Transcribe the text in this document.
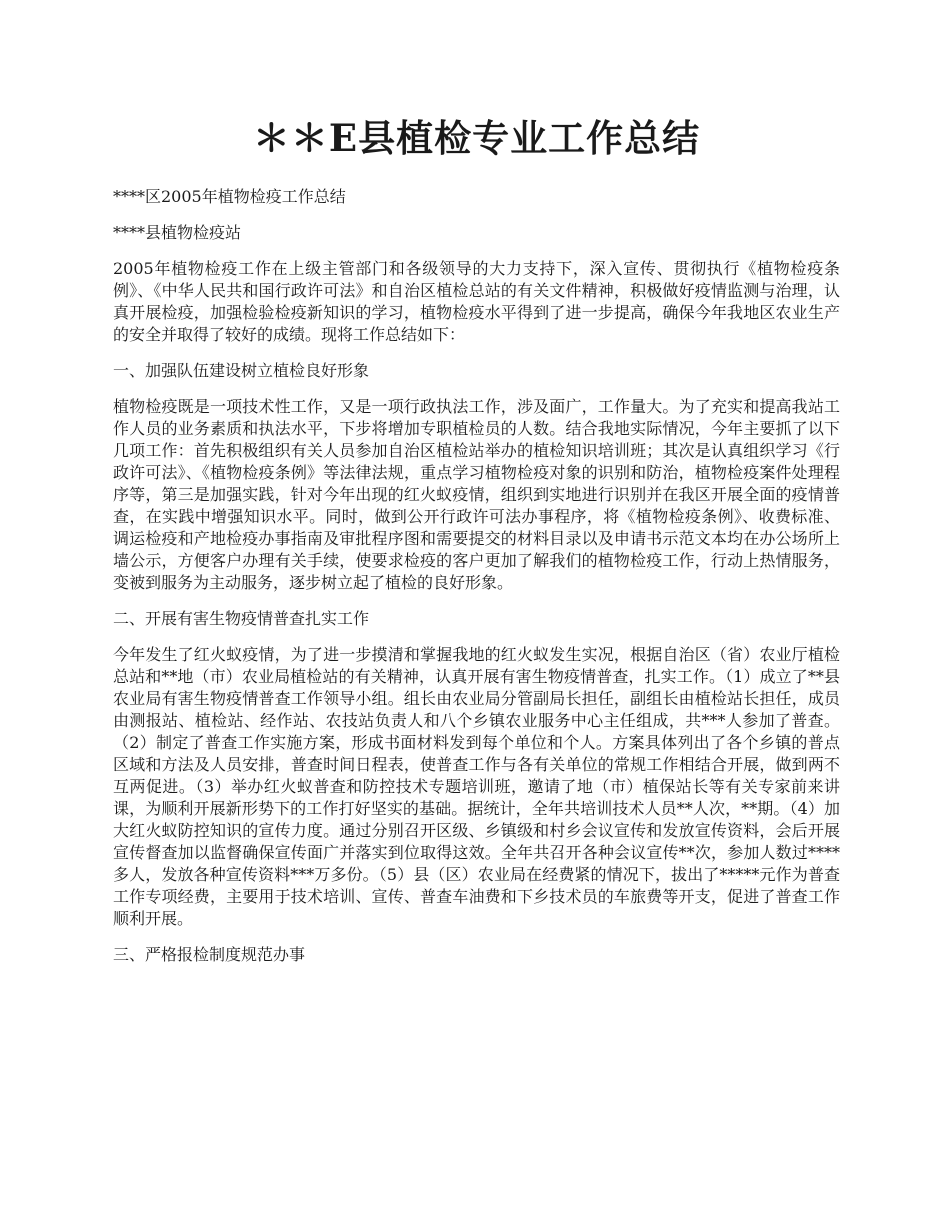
＊＊E县植检专业工作总结

****区2005年植物检疫工作总结

****县植物检疫站

2005年植物检疫工作在上级主管部门和各级领导的大力支持下，深入宣传、贯彻执行《植物检疫条例》、《中华人民共和国行政许可法》和自治区植检总站的有关文件精神，积极做好疫情监测与治理，认真开展检疫，加强检验检疫新知识的学习，植物检疫水平得到了进一步提高，确保今年我地区农业生产的安全并取得了较好的成绩。现将工作总结如下：

一、加强队伍建设树立植检良好形象

植物检疫既是一项技术性工作，又是一项行政执法工作，涉及面广，工作量大。为了充实和提高我站工作人员的业务素质和执法水平，下步将增加专职植检员的人数。结合我地实际情况，今年主要抓了以下几项工作：首先积极组织有关人员参加自治区植检站举办的植检知识培训班；其次是认真组织学习《行政许可法》、《植物检疫条例》等法律法规，重点学习植物检疫对象的识别和防治，植物检疫案件处理程序等，第三是加强实践，针对今年出现的红火蚁疫情，组织到实地进行识别并在我区开展全面的疫情普查，在实践中增强知识水平。同时，做到公开行政许可法办事程序，将《植物检疫条例》、收费标准、调运检疫和产地检疫办事指南及审批程序图和需要提交的材料目录以及申请书示范文本均在办公场所上墙公示，方便客户办理有关手续，使要求检疫的客户更加了解我们的植物检疫工作，行动上热情服务，变被到服务为主动服务，逐步树立起了植检的良好形象。

二、开展有害生物疫情普查扎实工作

今年发生了红火蚁疫情，为了进一步摸清和掌握我地的红火蚁发生实况，根据自治区（省）农业厅植检总站和**地（市）农业局植检站的有关精神，认真开展有害生物疫情普查，扎实工作。（1）成立了**县农业局有害生物疫情普查工作领导小组。组长由农业局分管副局长担任，副组长由植检站长担任，成员由测报站、植检站、经作站、农技站负责人和八个乡镇农业服务中心主任组成，共***人参加了普查。（2）制定了普查工作实施方案，形成书面材料发到每个单位和个人。方案具体列出了各个乡镇的普点区域和方法及人员安排，普查时间日程表，使普查工作与各有关单位的常规工作相结合开展，做到两不互两促进。（3）举办红火蚁普查和防控技术专题培训班，邀请了地（市）植保站长等有关专家前来讲课，为顺利开展新形势下的工作打好坚实的基础。据统计，全年共培训技术人员**人次，**期。（4）加大红火蚁防控知识的宣传力度。通过分别召开区级、乡镇级和村乡会议宣传和发放宣传资料，会后开展宣传督查加以监督确保宣传面广并落实到位取得这效。全年共召开各种会议宣传**次，参加人数过****多人，发放各种宣传资料***万多份。（5）县（区）农业局在经费紧的情况下，拔出了*****元作为普查工作专项经费，主要用于技术培训、宣传、普查车油费和下乡技术员的车旅费等开支，促进了普查工作顺利开展。

三、严格报检制度规范办事
